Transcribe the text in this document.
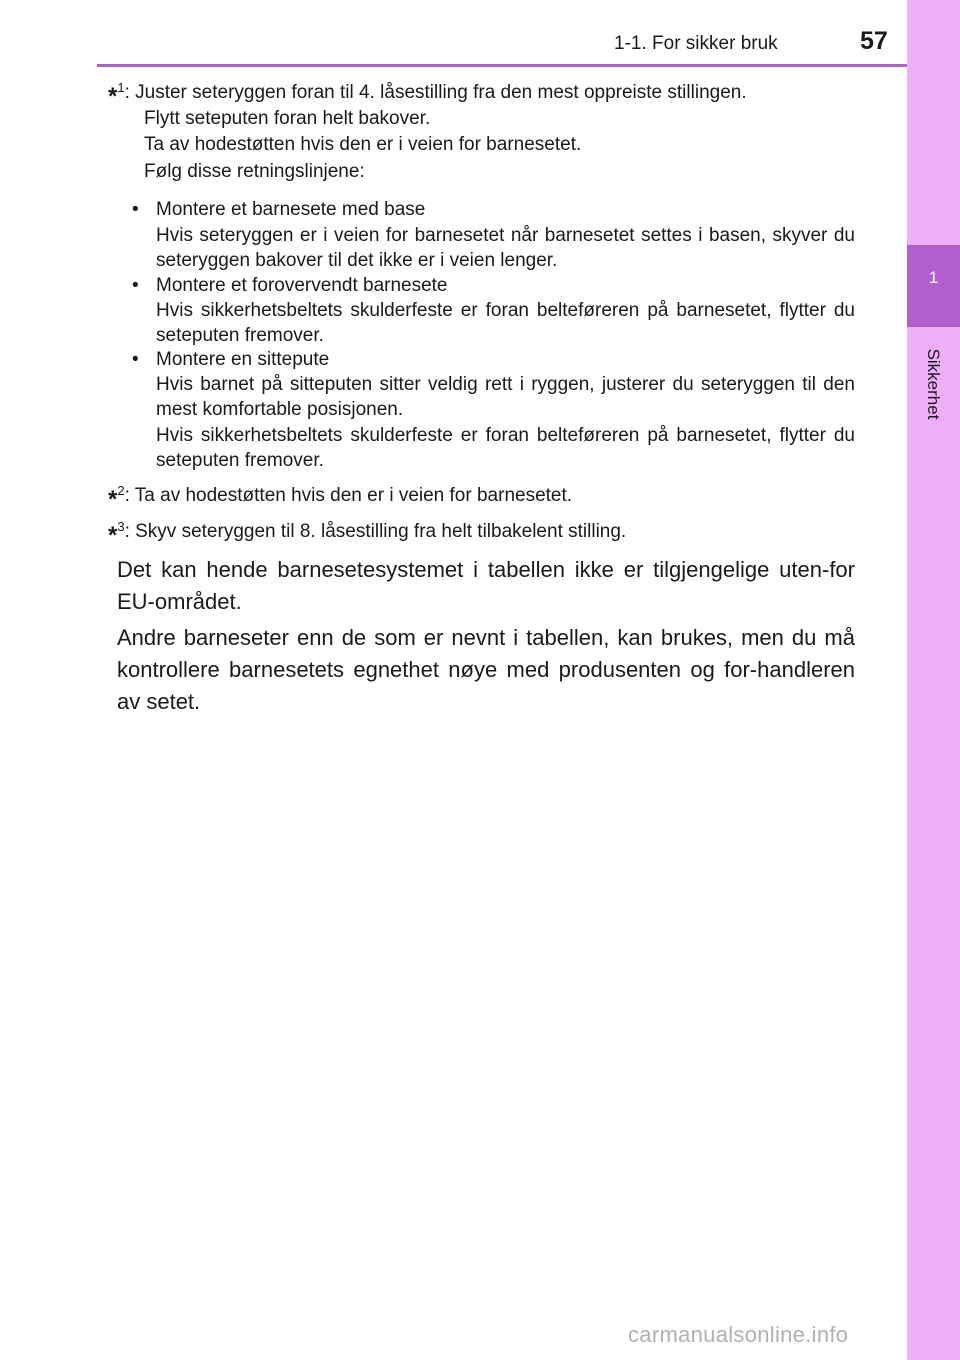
1
Sikkerhet
1-1. For sikker bruk	57
*$^1$: Juster seteryggen foran til 4. låsestilling fra den mest oppreiste stillingen.
Flytt seteputen foran helt bakover.
Ta av hodestøtten hvis den er i veien for barnesetet.
Følg disse retningslinjene:
• Montere et barnesete med base
Hvis seteryggen er i veien for barnesetet når barnesetet settes i basen, skyver du seteryggen bakover til det ikke er i veien lenger.
• Montere et forovervendt barnesete
Hvis sikkerhetsbeltets skulderfeste er foran belteføreren på barnesetet, flytter du seteputen fremover.
• Montere en sittepute
Hvis barnet på sitteputen sitter veldig rett i ryggen, justerer du seteryggen til den mest komfortable posisjonen.
Hvis sikkerhetsbeltets skulderfeste er foran belteføreren på barnesetet, flytter du seteputen fremover.
*$^2$: Ta av hodestøtten hvis den er i veien for barnesetet.
*$^3$: Skyv seteryggen til 8. låsestilling fra helt tilbakelent stilling.
Det kan hende barnesetesystemet i tabellen ikke er tilgjengelige uten-for EU-området.
Andre barneseter enn de som er nevnt i tabellen, kan brukes, men du må kontrollere barnesetets egnethet nøye med produsenten og for-handleren av setet.
carmanualsonline.info
